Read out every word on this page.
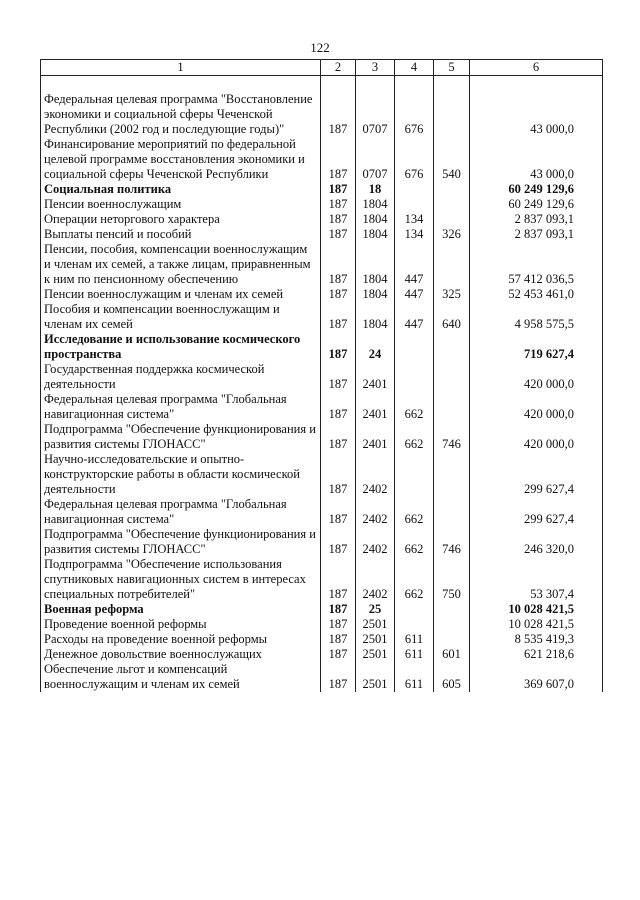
122
1	2	3	4	5	6

Федеральная целевая программа "Восстановление экономики и социальной сферы Чеченской Республики (2002 год и последующие годы)"	187	0707	676		43 000,0
Финансирование мероприятий по федеральной целевой программе восстановления экономики и социальной сферы Чеченской Республики	187	0707	676	540	43 000,0
Социальная политика	187	18			60 249 129,6
Пенсии военнослужащим	187	1804			60 249 129,6
Операции неторгового характера	187	1804	134		2 837 093,1
Выплаты пенсий и пособий	187	1804	134	326	2 837 093,1
Пенсии, пособия, компенсации военнослужащим и членам их семей, а также лицам, приравненным к ним по пенсионному обеспечению	187	1804	447		57 412 036,5
Пенсии военнослужащим и членам их семей	187	1804	447	325	52 453 461,0
Пособия и компенсации военнослужащим и членам их семей	187	1804	447	640	4 958 575,5
Исследование и использование космического пространства	187	24			719 627,4
Государственная поддержка космической деятельности	187	2401			420 000,0
Федеральная целевая программа "Глобальная навигационная система"	187	2401	662		420 000,0
Подпрограмма "Обеспечение функционирования и развития системы ГЛОНАСС"	187	2401	662	746	420 000,0
Научно-исследовательские и опытно-конструкторские работы в области космической деятельности	187	2402			299 627,4
Федеральная целевая программа "Глобальная навигационная система"	187	2402	662		299 627,4
Подпрограмма "Обеспечение функционирования и развития системы ГЛОНАСС"	187	2402	662	746	246 320,0
Подпрограмма "Обеспечение использования спутниковых навигационных систем в интересах специальных потребителей"	187	2402	662	750	53 307,4
Военная реформа	187	25			10 028 421,5
Проведение военной реформы	187	2501			10 028 421,5
Расходы на проведение военной реформы	187	2501	611		8 535 419,3
Денежное довольствие военнослужащих	187	2501	611	601	621 218,6
Обеспечение льгот и компенсаций военнослужащим и членам их семей	187	2501	611	605	369 607,0
